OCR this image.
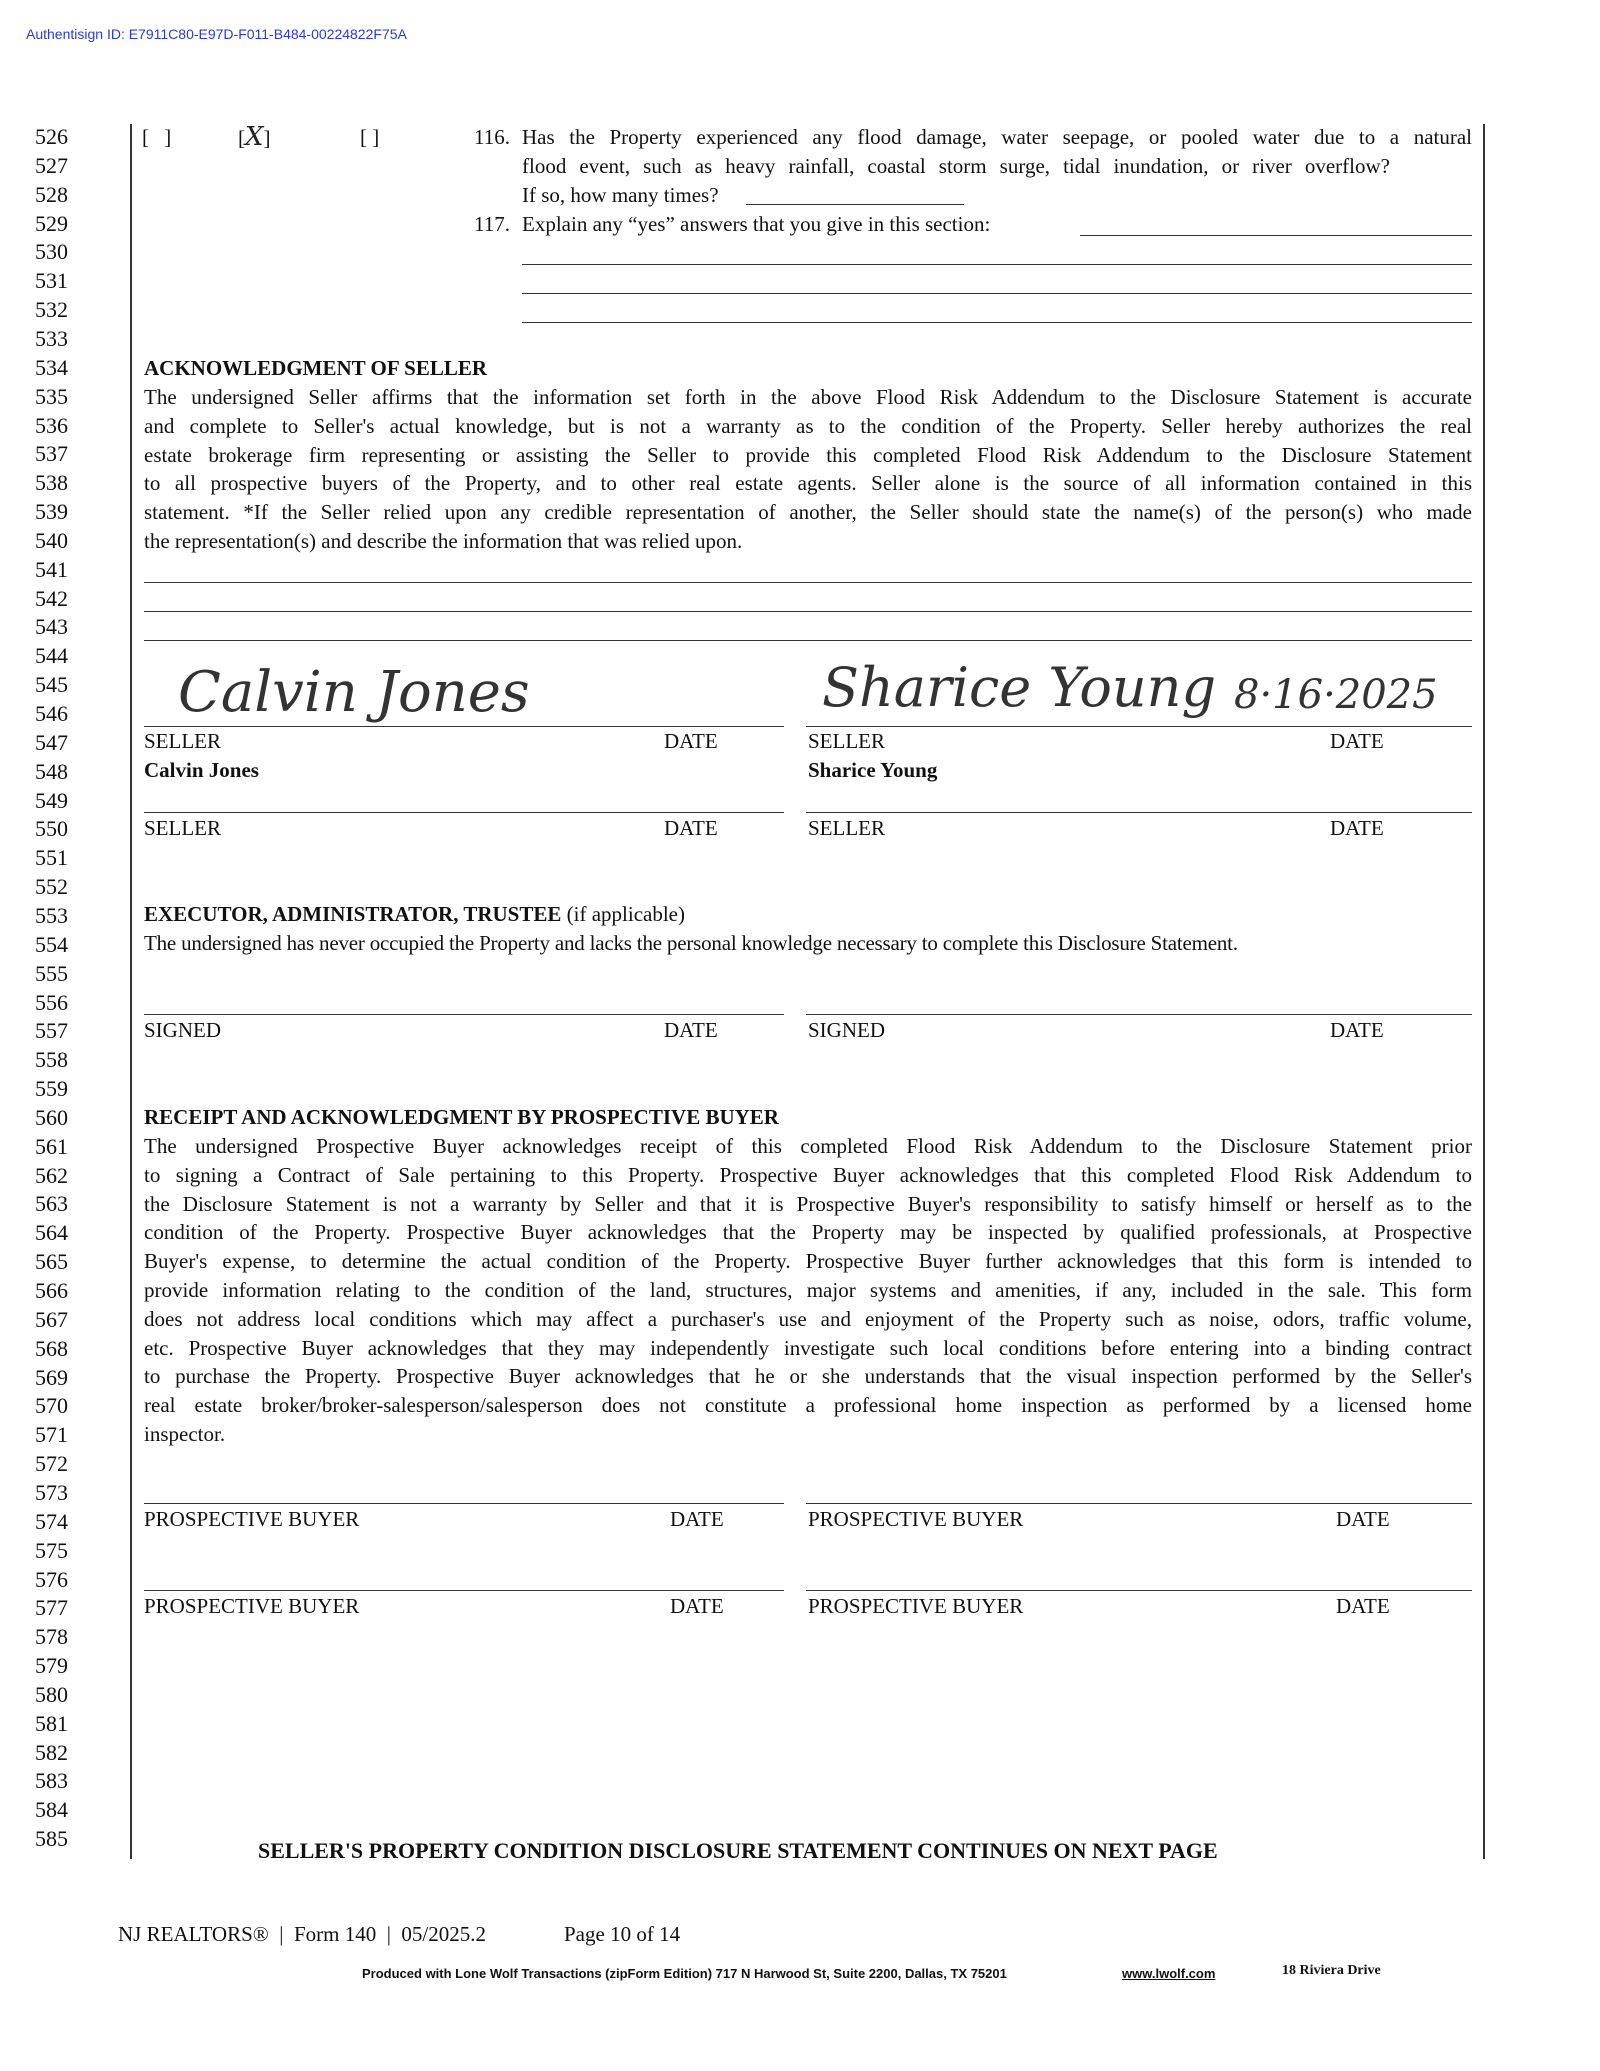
Authentisign ID: E7911C80-E97D-F011-B484-00224822F75A
526
527
528
529
530
531
532
533
534
535
536
537
538
539
540
541
542
543
544
545
546
547
548
549
550
551
552
553
554
555
556
557
558
559
560
561
562
563
564
565
566
567
568
569
570
571
572
573
574
575
576
577
578
579
580
581
582
583
584
585
[ ]	[X]	[ ]	116. Has the Property experienced any flood damage, water seepage, or pooled water due to a natural
flood event, such as heavy rainfall, coastal storm surge, tidal inundation, or river overflow?
If so, how many times?
117. Explain any “yes” answers that you give in this section:
ACKNOWLEDGMENT OF SELLER
The undersigned Seller affirms that the information set forth in the above Flood Risk Addendum to the Disclosure Statement is accurate
and complete to Seller's actual knowledge, but is not a warranty as to the condition of the Property. Seller hereby authorizes the real
estate brokerage firm representing or assisting the Seller to provide this completed Flood Risk Addendum to the Disclosure Statement
to all prospective buyers of the Property, and to other real estate agents. Seller alone is the source of all information contained in this
statement. *If the Seller relied upon any credible representation of another, the Seller should state the name(s) of the person(s) who made
the representation(s) and describe the information that was relied upon.
Calvin Jones	Sharice Young 8·16·2025
SELLER	DATE	SELLER	DATE
Calvin Jones	Sharice Young
SELLER	DATE	SELLER	DATE
EXECUTOR, ADMINISTRATOR, TRUSTEE (if applicable)
The undersigned has never occupied the Property and lacks the personal knowledge necessary to complete this Disclosure Statement.
SIGNED	DATE	SIGNED	DATE
RECEIPT AND ACKNOWLEDGMENT BY PROSPECTIVE BUYER
The undersigned Prospective Buyer acknowledges receipt of this completed Flood Risk Addendum to the Disclosure Statement prior
to signing a Contract of Sale pertaining to this Property. Prospective Buyer acknowledges that this completed Flood Risk Addendum to
the Disclosure Statement is not a warranty by Seller and that it is Prospective Buyer's responsibility to satisfy himself or herself as to the
condition of the Property. Prospective Buyer acknowledges that the Property may be inspected by qualified professionals, at Prospective
Buyer's expense, to determine the actual condition of the Property. Prospective Buyer further acknowledges that this form is intended to
provide information relating to the condition of the land, structures, major systems and amenities, if any, included in the sale. This form
does not address local conditions which may affect a purchaser's use and enjoyment of the Property such as noise, odors, traffic volume,
etc. Prospective Buyer acknowledges that they may independently investigate such local conditions before entering into a binding contract
to purchase the Property. Prospective Buyer acknowledges that he or she understands that the visual inspection performed by the Seller's
real estate broker/broker-salesperson/salesperson does not constitute a professional home inspection as performed by a licensed home
inspector.
PROSPECTIVE BUYER	DATE	PROSPECTIVE BUYER	DATE
PROSPECTIVE BUYER	DATE	PROSPECTIVE BUYER	DATE
SELLER'S PROPERTY CONDITION DISCLOSURE STATEMENT CONTINUES ON NEXT PAGE
NJ REALTORS®  |  Form 140  |  05/2025.2	Page 10 of 14
Produced with Lone Wolf Transactions (zipForm Edition) 717 N Harwood St, Suite 2200, Dallas, TX 75201	www.lwolf.com	18 Riviera Drive
